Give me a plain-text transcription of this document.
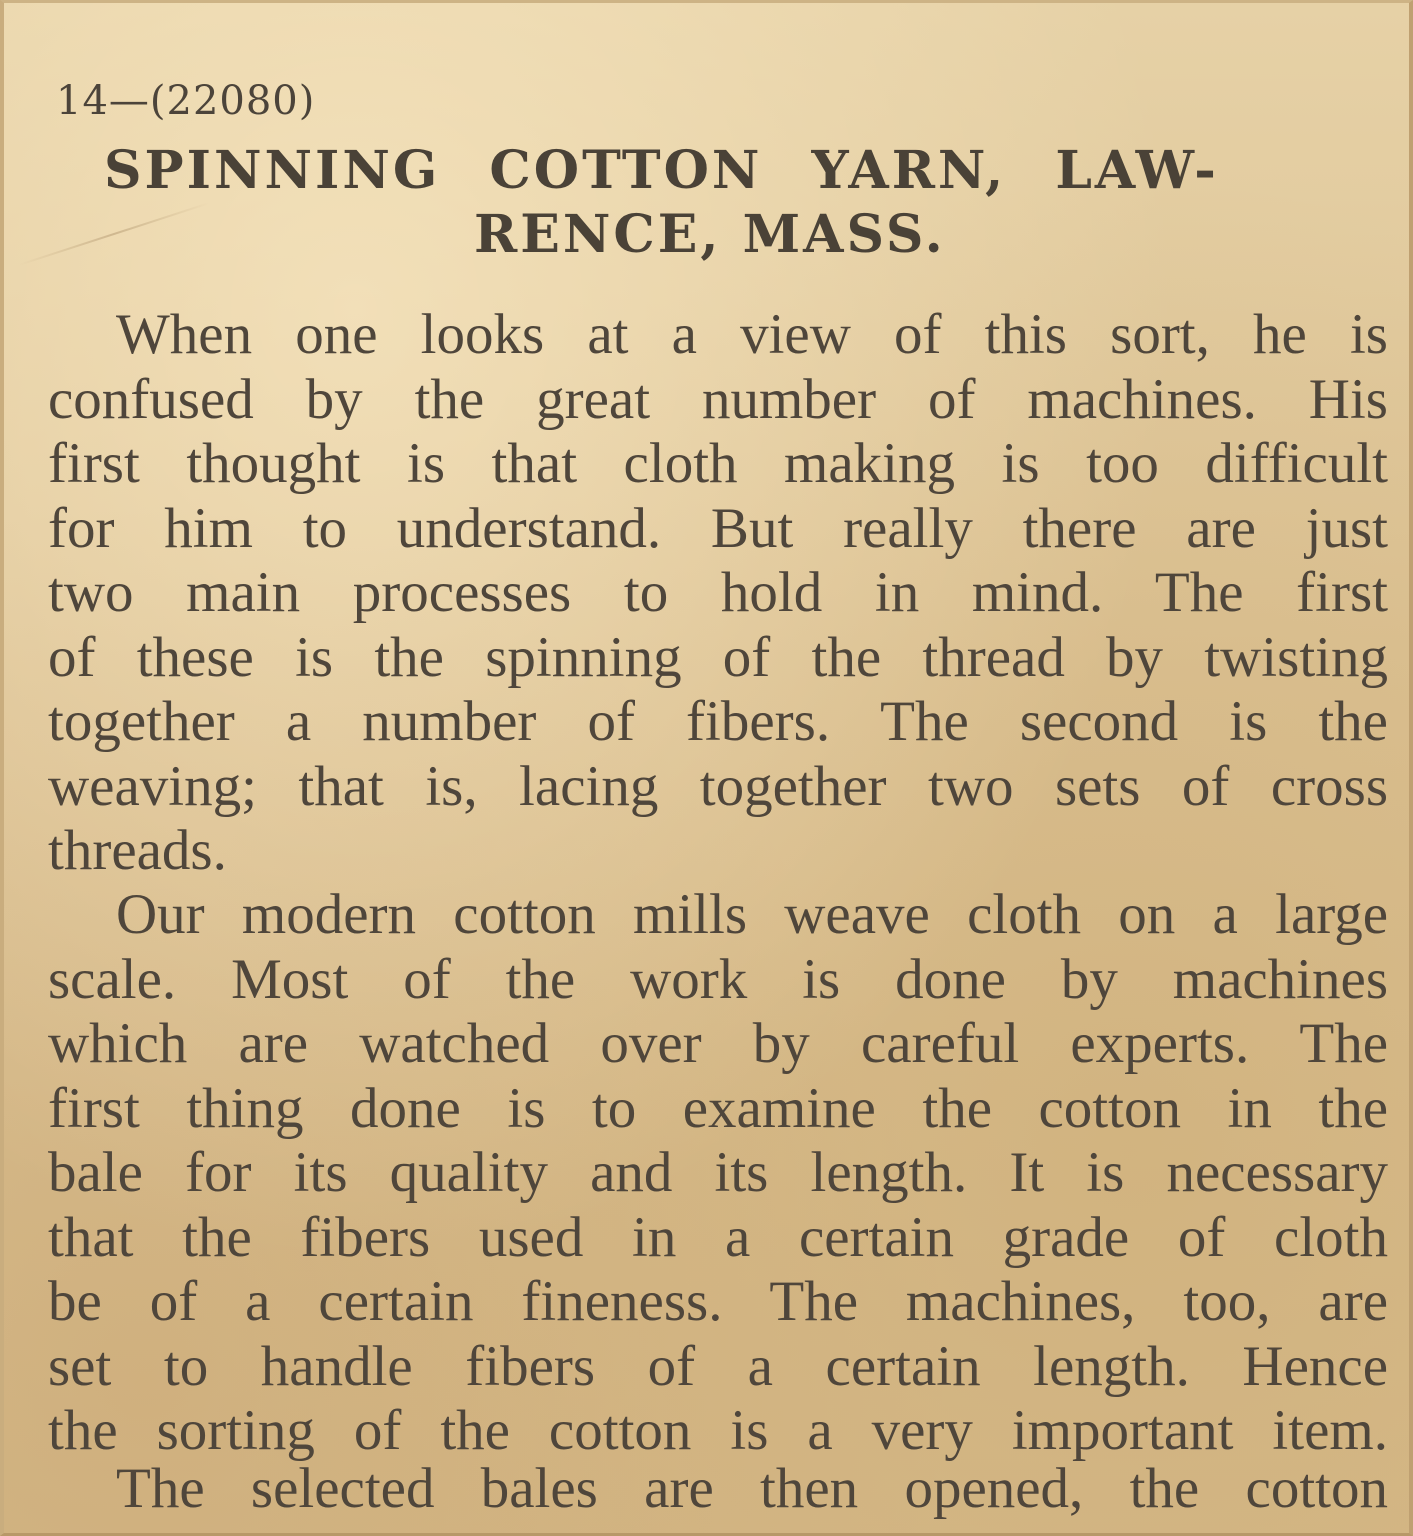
14—(22080)
SPINNING COTTON YARN, LAW-
RENCE, MASS.
When one looks at a view of this sort, he is
confused by the great number of machines. His
first thought is that cloth making is too difficult
for him to understand. But really there are just
two main processes to hold in mind. The first
of these is the spinning of the thread by twisting
together a number of fibers. The second is the
weaving; that is, lacing together two sets of cross
threads.
Our modern cotton mills weave cloth on a large
scale. Most of the work is done by machines
which are watched over by careful experts. The
first thing done is to examine the cotton in the
bale for its quality and its length. It is necessary
that the fibers used in a certain grade of cloth
be of a certain fineness. The machines, too, are
set to handle fibers of a certain length. Hence
the sorting of the cotton is a very important item.
The selected bales are then opened, the cotton
